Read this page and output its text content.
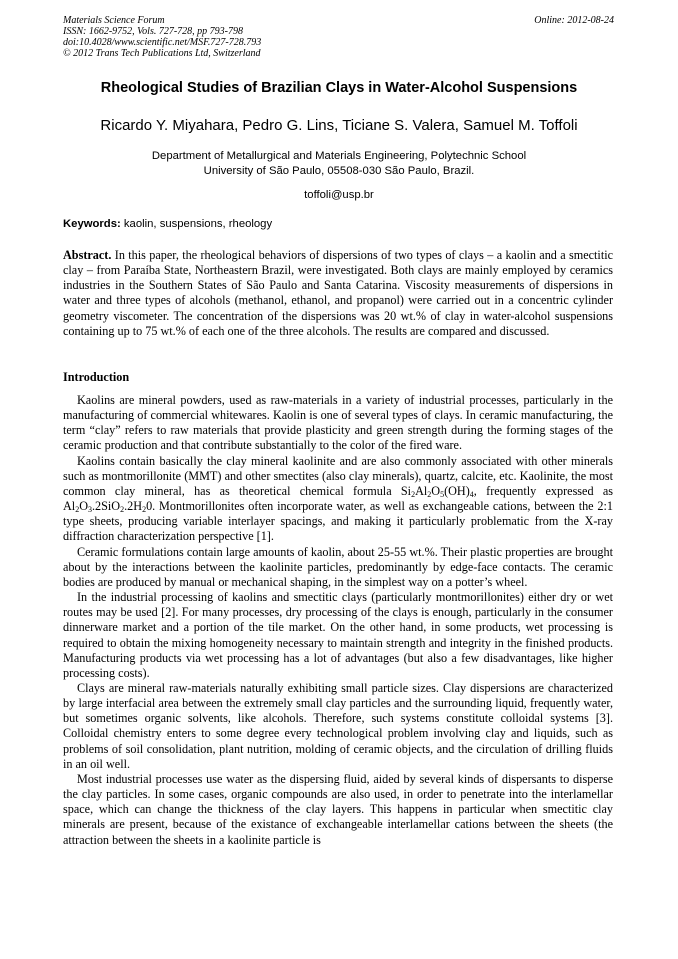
Materials Science Forum
ISSN: 1662-9752, Vols. 727-728, pp 793-798
doi:10.4028/www.scientific.net/MSF.727-728.793
© 2012 Trans Tech Publications Ltd, Switzerland
Online: 2012-08-24
Rheological Studies of Brazilian Clays in Water-Alcohol Suspensions
Ricardo Y. Miyahara, Pedro G. Lins, Ticiane S. Valera, Samuel M. Toffoli
Department of Metallurgical and Materials Engineering, Polytechnic School
University of São Paulo, 05508-030 São Paulo, Brazil.
toffoli@usp.br
Keywords: kaolin, suspensions, rheology

Abstract. In this paper, the rheological behaviors of dispersions of two types of clays – a kaolin and a smectitic clay – from Paraíba State, Northeastern Brazil, were investigated. Both clays are mainly employed by ceramics industries in the Southern States of São Paulo and Santa Catarina. Viscosity measurements of dispersions in water and three types of alcohols (methanol, ethanol, and propanol) were carried out in a concentric cylinder geometry viscometer. The concentration of the dispersions was 20 wt.% of clay in water-alcohol suspensions containing up to 75 wt.% of each one of the three alcohols. The results are compared and discussed.

Introduction

Kaolins are mineral powders, used as raw-materials in a variety of industrial processes, particularly in the manufacturing of commercial whitewares. Kaolin is one of several types of clays. In ceramic manufacturing, the term “clay” refers to raw materials that provide plasticity and green strength during the forming stages of the ceramic production and that contribute substantially to the color of the fired ware.

Kaolins contain basically the clay mineral kaolinite and are also commonly associated with other minerals such as montmorillonite (MMT) and other smectites (also clay minerals), quartz, calcite, etc. Kaolinite, the most common clay mineral, has as theoretical chemical formula $Si_2Al_2O_5(OH)_4$, frequently expressed as $Al_2O_3.2SiO_2.2H_20$. Montmorillonites often incorporate water, as well as exchangeable cations, between the 2:1 type sheets, producing variable interlayer spacings, and making it particularly problematic from the X-ray diffraction characterization perspective [1].

Ceramic formulations contain large amounts of kaolin, about 25-55 wt.%. Their plastic properties are brought about by the interactions between the kaolinite particles, predominantly by edge-face contacts. The ceramic bodies are produced by manual or mechanical shaping, in the simplest way on a potter’s wheel.

In the industrial processing of kaolins and smectitic clays (particularly montmorillonites) either dry or wet routes may be used [2]. For many processes, dry processing of the clays is enough, particularly in the consumer dinnerware market and a portion of the tile market. On the other hand, in some products, wet processing is required to obtain the mixing homogeneity necessary to maintain strength and integrity in the finished products. Manufacturing products via wet processing has a lot of advantages (but also a few disadvantages, like higher processing costs).

Clays are mineral raw-materials naturally exhibiting small particle sizes. Clay dispersions are characterized by large interfacial area between the extremely small clay particles and the surrounding liquid, frequently water, but sometimes organic solvents, like alcohols. Therefore, such systems constitute colloidal systems [3]. Colloidal chemistry enters to some degree every technological problem involving clay and liquids, such as problems of soil consolidation, plant nutrition, molding of ceramic objects, and the circulation of drilling fluids in an oil well.

Most industrial processes use water as the dispersing fluid, aided by several kinds of dispersants to disperse the clay particles. In some cases, organic compounds are also used, in order to penetrate into the interlamellar space, which can change the thickness of the clay layers. This happens in particular when smectitic clay minerals are present, because of the existance of exchangeable interlamellar cations between the sheets (the attraction between the sheets in a kaolinite particle is
